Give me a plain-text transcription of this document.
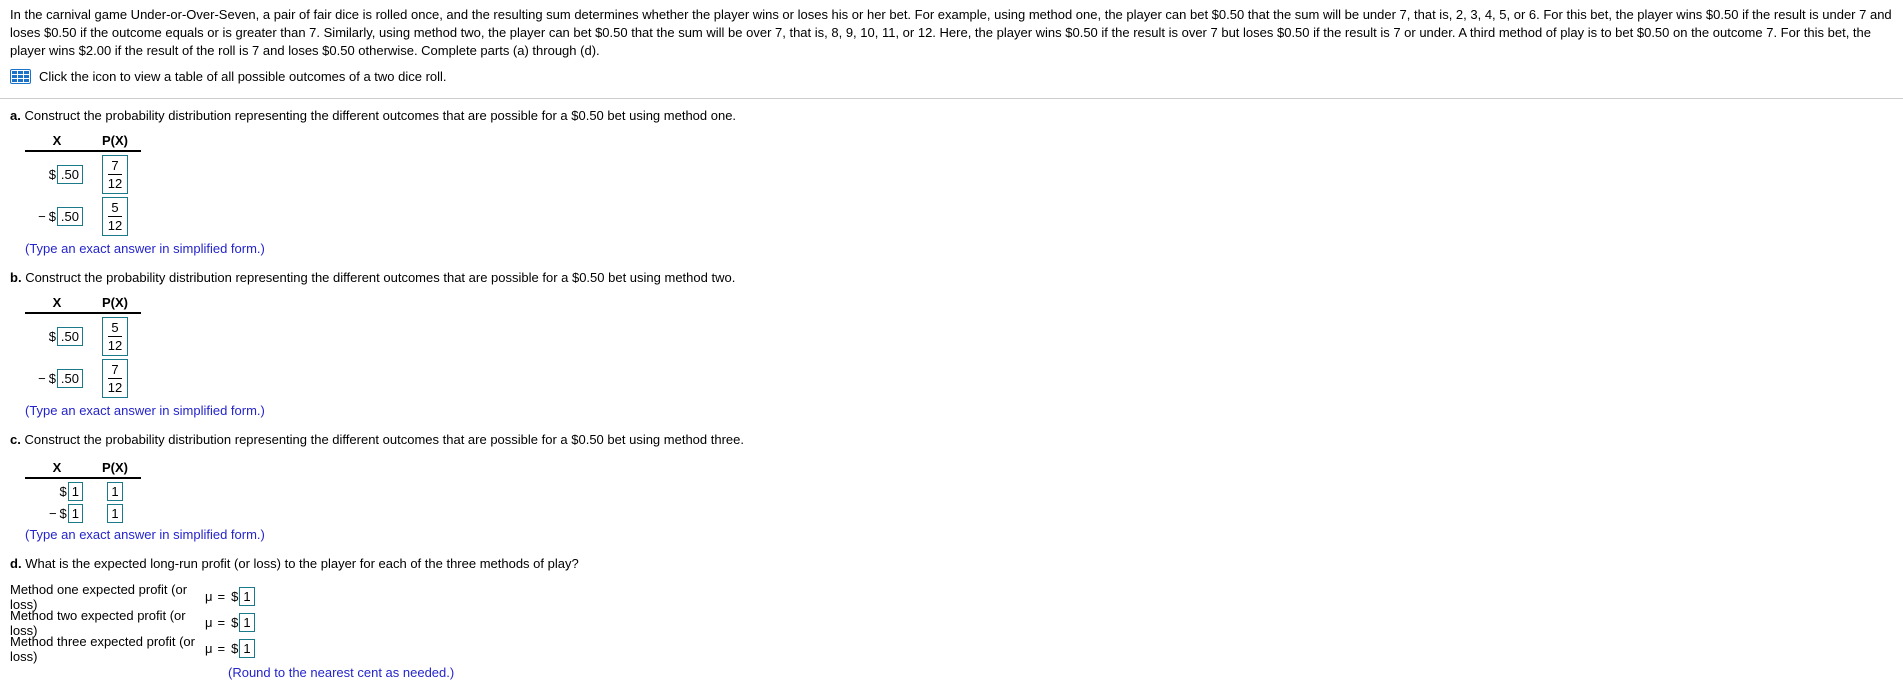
In the carnival game Under-or-Over-Seven, a pair of fair dice is rolled once, and the resulting sum determines whether the player wins or loses his or her bet. For example, using method one, the player can bet $0.50 that the sum will be under 7, that is, 2, 3, 4, 5, or 6. For this bet, the player wins $0.50 if the result is under 7 and
loses $0.50 if the outcome equals or is greater than 7. Similarly, using method two, the player can bet $0.50 that the sum will be over 7, that is, 8, 9, 10, 11, or 12. Here, the player wins $0.50 if the result is over 7 but loses $0.50 if the result is 7 or under. A third method of play is to bet $0.50 on the outcome 7. For this bet, the
player wins $2.00 if the result of the roll is 7 and loses $0.50 otherwise. Complete parts (a) through (d).
Click the icon to view a table of all possible outcomes of a two dice roll.

a. Construct the probability distribution representing the different outcomes that are possible for a $0.50 bet using method one.

X	P(X)
$ .50	$\frac{7}{12}$
− $ .50	$\frac{5}{12}$

(Type an exact answer in simplified form.)

b. Construct the probability distribution representing the different outcomes that are possible for a $0.50 bet using method two.

X	P(X)
$ .50	$\frac{5}{12}$
− $ .50	$\frac{7}{12}$

(Type an exact answer in simplified form.)

c. Construct the probability distribution representing the different outcomes that are possible for a $0.50 bet using method three.

X	P(X)
$ 1	1
− $ 1	1

(Type an exact answer in simplified form.)

d. What is the expected long-run profit (or loss) to the player for each of the three methods of play?

Method one expected profit (or loss)	μ = $ 1
Method two expected profit (or loss)	μ = $ 1
Method three expected profit (or loss)	μ = $ 1

(Round to the nearest cent as needed.)
